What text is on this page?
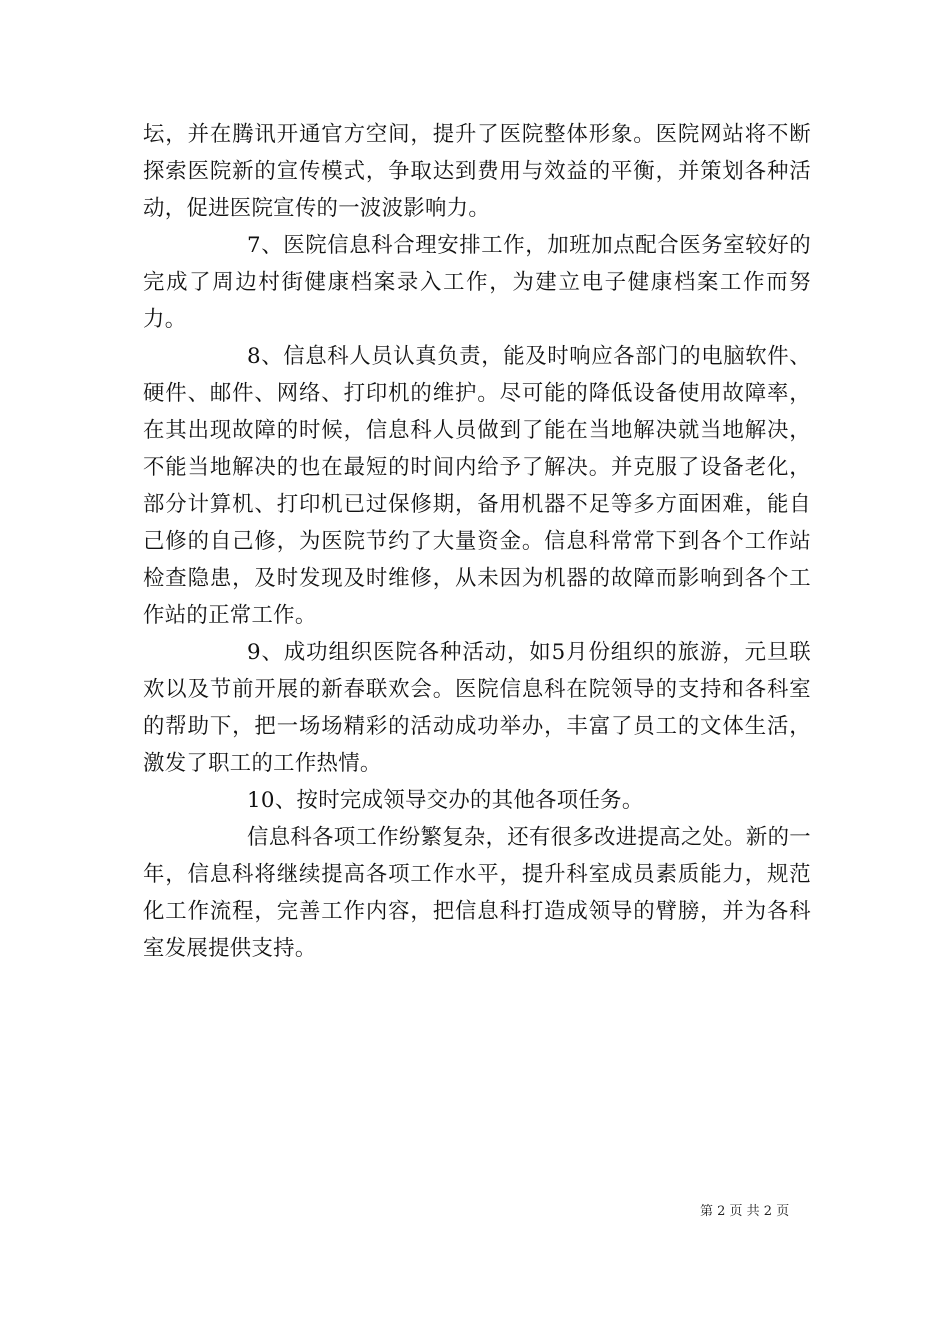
坛，并在腾讯开通官方空间，提升了医院整体形象。医院网站将不断探索医院新的宣传模式，争取达到费用与效益的平衡，并策划各种活动，促进医院宣传的一波波影响力。

7、医院信息科合理安排工作，加班加点配合医务室较好的完成了周边村街健康档案录入工作，为建立电子健康档案工作而努力。

8、信息科人员认真负责，能及时响应各部门的电脑软件、硬件、邮件、网络、打印机的维护。尽可能的降低设备使用故障率，在其出现故障的时候，信息科人员做到了能在当地解决就当地解决，不能当地解决的也在最短的时间内给予了解决。并克服了设备老化，部分计算机、打印机已过保修期，备用机器不足等多方面困难，能自己修的自己修，为医院节约了大量资金。信息科常常下到各个工作站检查隐患，及时发现及时维修，从未因为机器的故障而影响到各个工作站的正常工作。

9、成功组织医院各种活动，如5月份组织的旅游，元旦联欢以及节前开展的新春联欢会。医院信息科在院领导的支持和各科室的帮助下，把一场场精彩的活动成功举办，丰富了员工的文体生活，激发了职工的工作热情。

10、按时完成领导交办的其他各项任务。

信息科各项工作纷繁复杂，还有很多改进提高之处。新的一年，信息科将继续提高各项工作水平，提升科室成员素质能力，规范化工作流程，完善工作内容，把信息科打造成领导的臂膀，并为各科室发展提供支持。

第 2 页 共 2 页
